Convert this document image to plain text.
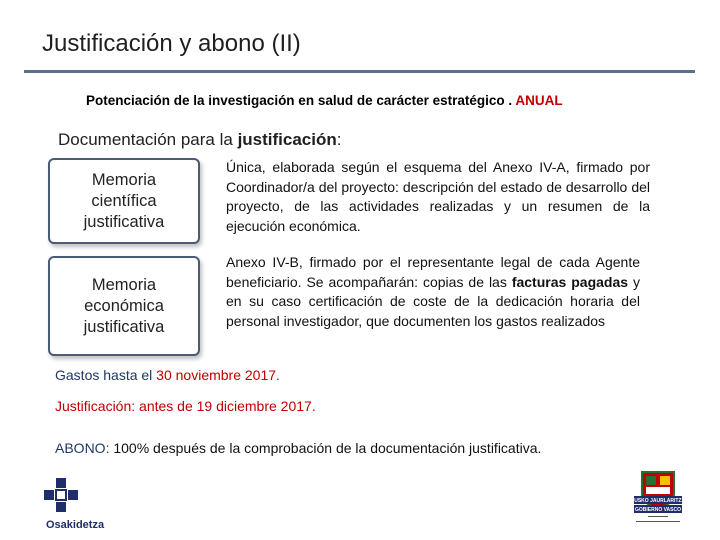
Justificación y abono (II)
Potenciación de la investigación en salud de carácter estratégico . ANUAL
Documentación para la justificación:
Memoria
científica
justificativa
Única, elaborada según el esquema del Anexo IV-A, firmado por Coordinador/a del proyecto: descripción del estado de desarrollo del proyecto, de las actividades realizadas y un resumen de la ejecución económica.
Memoria
económica
justificativa
Anexo IV-B, firmado por el representante legal de cada Agente beneficiario. Se acompañarán: copias de las facturas pagadas y en su caso certificación de coste de la dedicación horaria del personal investigador, que documenten los gastos realizados
Gastos hasta el 30 noviembre 2017.
Justificación: antes de 19 diciembre 2017.
ABONO: 100% después de la comprobación de la documentación justificativa.
Osakidetza
EUSKO JAURLARITZA
GOBIERNO VASCO
